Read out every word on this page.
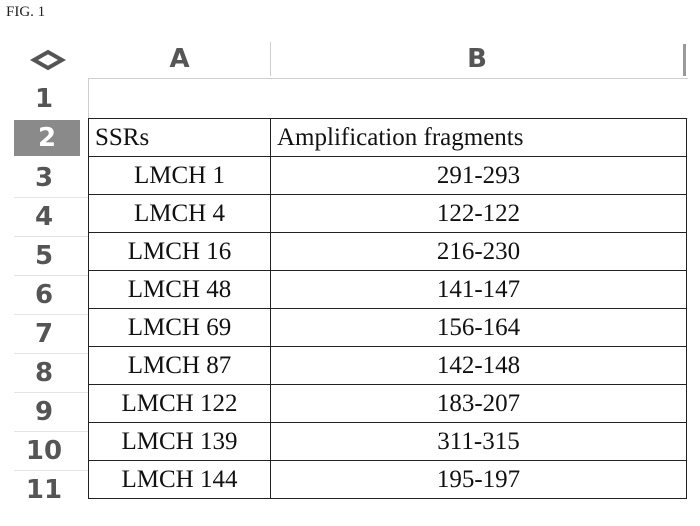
FIG. 1
A	B
1
2
3
4
5
6
7
8
9
10
11
SSRs	Amplification fragments
LMCH 1	291-293
LMCH 4	122-122
LMCH 16	216-230
LMCH 48	141-147
LMCH 69	156-164
LMCH 87	142-148
LMCH 122	183-207
LMCH 139	311-315
LMCH 144	195-197
